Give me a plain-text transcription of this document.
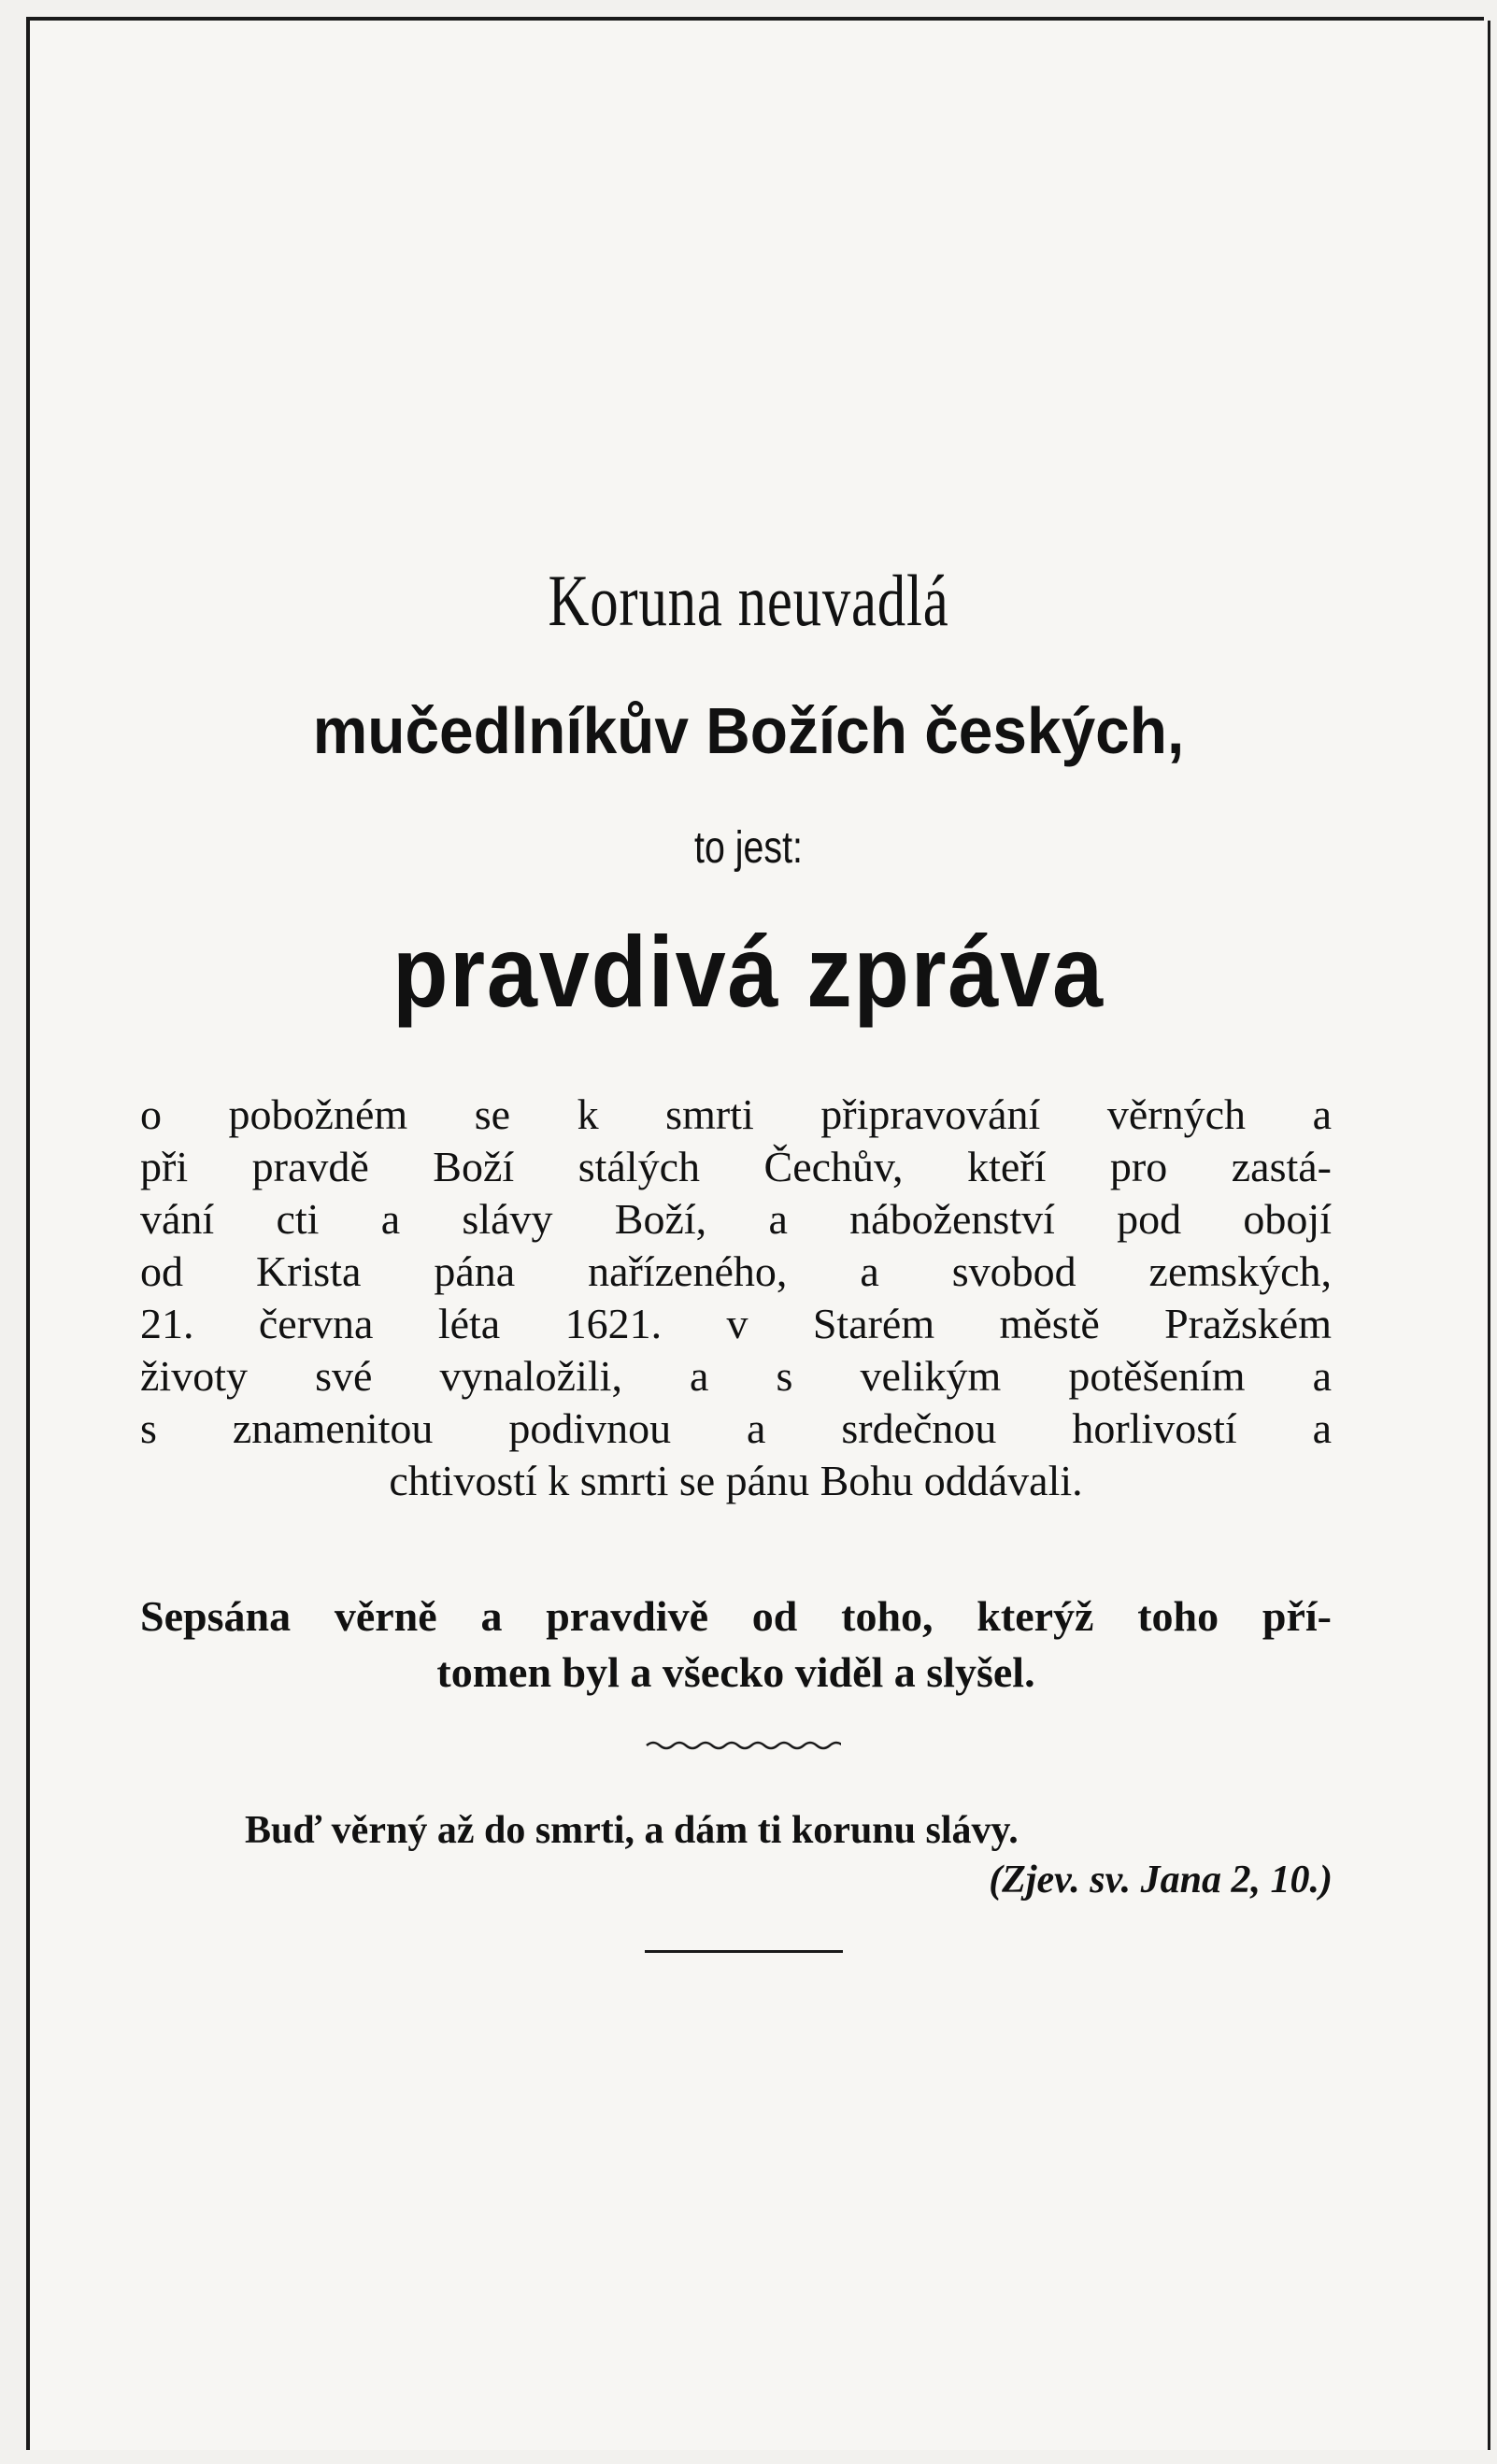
Koruna neuvadlá
mučedlníkův Božích českých,
to jest:
pravdivá zpráva
o pobožném se k smrti připravování věrných a
při pravdě Boží stálých Čechův, kteří pro zastá-
vání cti a slávy Boží, a náboženství pod obojí
od Krista pána nařízeného, a svobod zemských,
21. června léta 1621. v Starém městě Pražském
životy své vynaložili, a s velikým potěšením a
s znamenitou podivnou a srdečnou horlivostí a
chtivostí k smrti se pánu Bohu oddávali.
Sepsána věrně a pravdivě od toho, kterýž toho pří-
tomen byl a všecko viděl a slyšel.
Buď věrný až do smrti, a dám ti korunu slávy.
(Zjev. sv. Jana 2, 10.)
